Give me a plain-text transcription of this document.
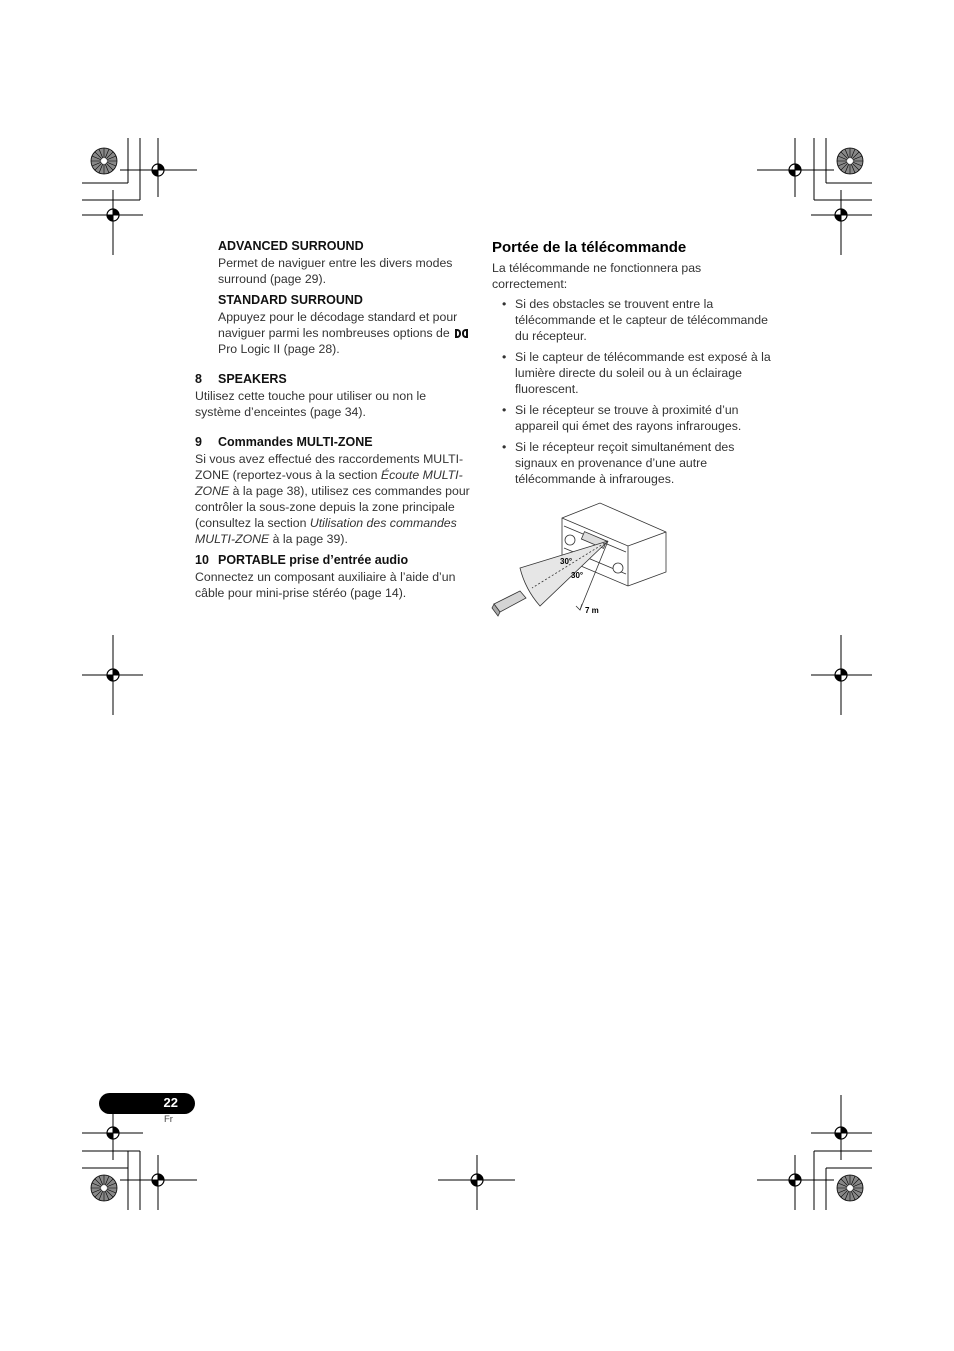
ADVANCED SURROUND

Permet de naviguer entre les divers modes surround (page 29).

STANDARD SURROUND

Appuyez pour le décodage standard et pour naviguer parmi les nombreuses options de
Pro Logic II (page 28).

8	SPEAKERS

Utilisez cette touche pour utiliser ou non le système d’enceintes (page 34).

9	Commandes MULTI-ZONE

Si vous avez effectué des raccordements MULTI-ZONE (reportez-vous à la section Écoute MULTI-ZONE à la page 38), utilisez ces commandes pour contrôler la sous-zone depuis la zone principale (consultez la section Utilisation des commandes MULTI-ZONE à la page 39).

10 PORTABLE prise d’entrée audio

Connectez un composant auxiliaire à l’aide d’un câble pour mini-prise stéréo (page 14).

Portée de la télécommande

La télécommande ne fonctionnera pas correctement:

• Si des obstacles se trouvent entre la télécommande et le capteur de télécommande du récepteur.
• Si le capteur de télécommande est exposé à la lumière directe du soleil ou à un éclairage fluorescent.
• Si le récepteur se trouve à proximité d’un appareil qui émet des rayons infrarouges.
• Si le récepteur reçoit simultanément des signaux en provenance d’une autre télécommande à infrarouges.
30°
30°
7 m
22
Fr
